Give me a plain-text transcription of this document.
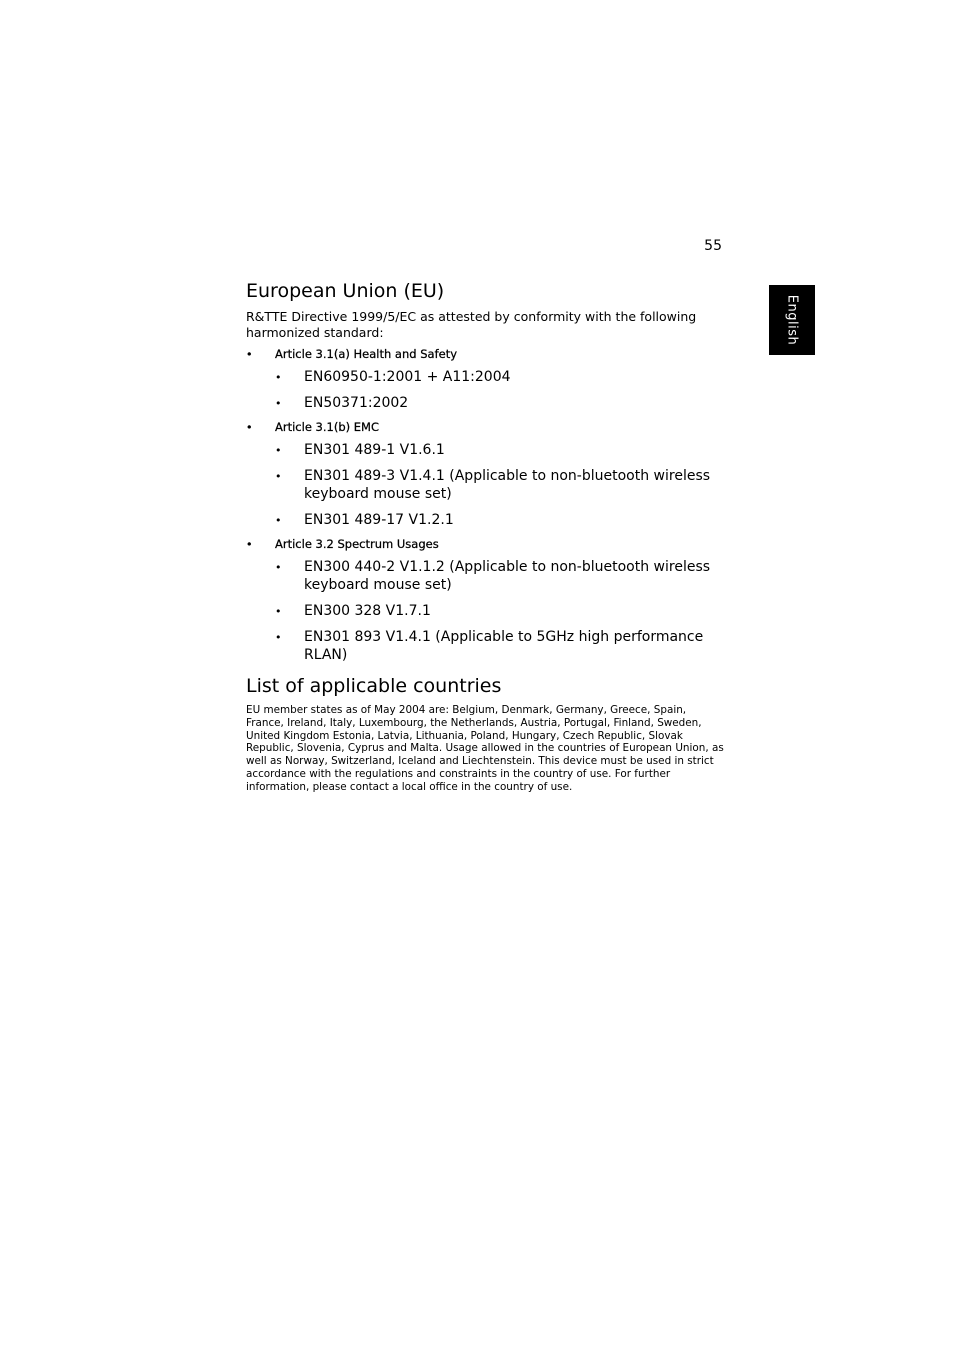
55
English
European Union (EU)

R&TTE Directive 1999/5/EC as attested by conformity with the following harmonized standard:

• Article 3.1(a) Health and Safety
• EN60950-1:2001 + A11:2004
• EN50371:2002
• Article 3.1(b) EMC
• EN301 489-1 V1.6.1
• EN301 489-3 V1.4.1 (Applicable to non-bluetooth wireless keyboard mouse set)
• EN301 489-17 V1.2.1
• Article 3.2 Spectrum Usages
• EN300 440-2 V1.1.2 (Applicable to non-bluetooth wireless keyboard mouse set)
• EN300 328 V1.7.1
• EN301 893 V1.4.1 (Applicable to 5GHz high performance RLAN)
List of applicable countries

EU member states as of May 2004 are: Belgium, Denmark, Germany, Greece, Spain, France, Ireland, Italy, Luxembourg, the Netherlands, Austria, Portugal, Finland, Sweden, United Kingdom Estonia, Latvia, Lithuania, Poland, Hungary, Czech Republic, Slovak Republic, Slovenia, Cyprus and Malta. Usage allowed in the countries of European Union, as well as Norway, Switzerland, Iceland and Liechtenstein. This device must be used in strict accordance with the regulations and constraints in the country of use. For further information, please contact a local office in the country of use.
